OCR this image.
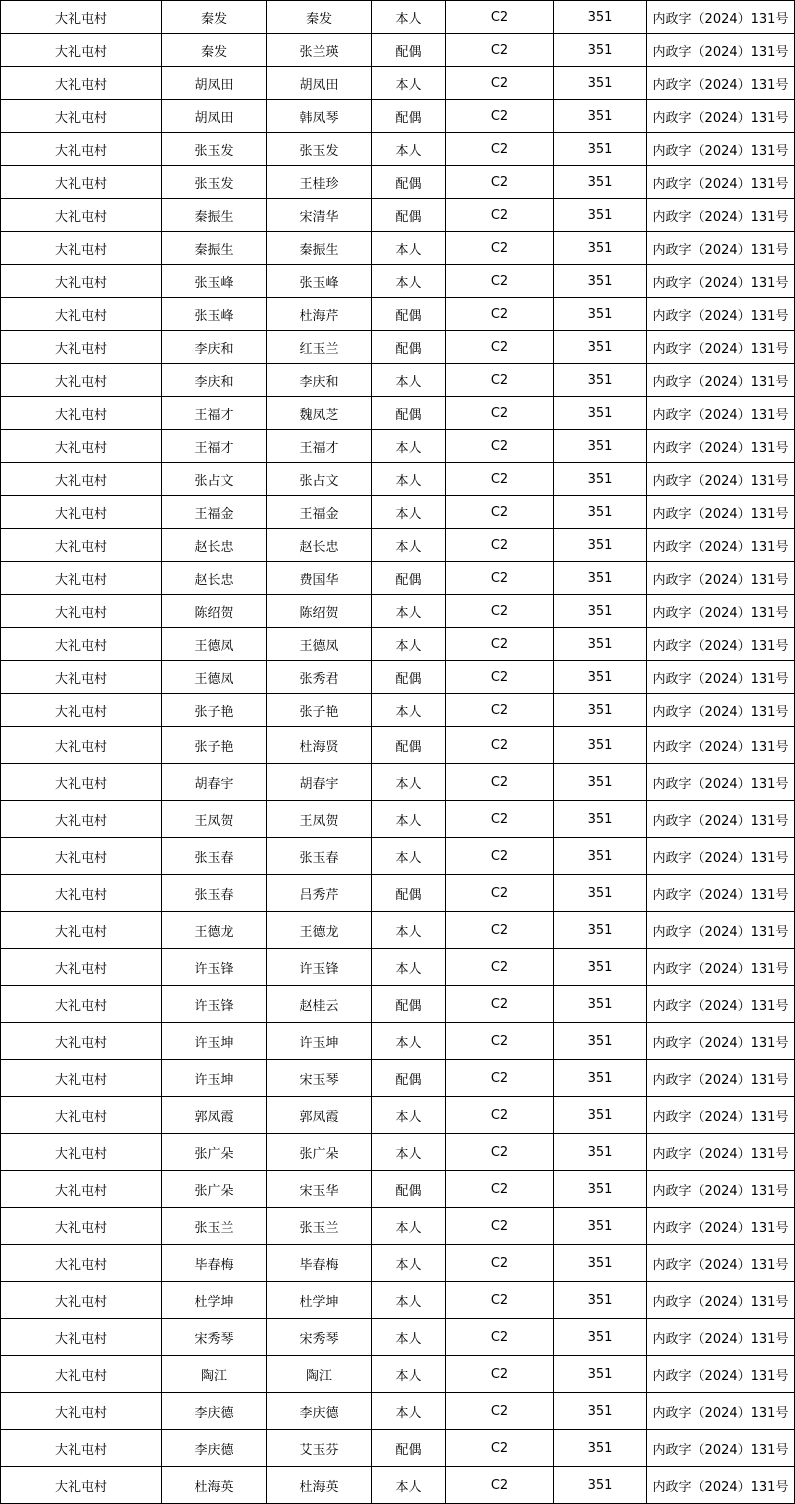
大礼屯村	秦发	秦发	本人	C2	351	内政字（2024）131号
大礼屯村	秦发	张兰瑛	配偶	C2	351	内政字（2024）131号
大礼屯村	胡凤田	胡凤田	本人	C2	351	内政字（2024）131号
大礼屯村	胡凤田	韩凤琴	配偶	C2	351	内政字（2024）131号
大礼屯村	张玉发	张玉发	本人	C2	351	内政字（2024）131号
大礼屯村	张玉发	王桂珍	配偶	C2	351	内政字（2024）131号
大礼屯村	秦振生	宋清华	配偶	C2	351	内政字（2024）131号
大礼屯村	秦振生	秦振生	本人	C2	351	内政字（2024）131号
大礼屯村	张玉峰	张玉峰	本人	C2	351	内政字（2024）131号
大礼屯村	张玉峰	杜海芹	配偶	C2	351	内政字（2024）131号
大礼屯村	李庆和	红玉兰	配偶	C2	351	内政字（2024）131号
大礼屯村	李庆和	李庆和	本人	C2	351	内政字（2024）131号
大礼屯村	王福才	魏凤芝	配偶	C2	351	内政字（2024）131号
大礼屯村	王福才	王福才	本人	C2	351	内政字（2024）131号
大礼屯村	张占文	张占文	本人	C2	351	内政字（2024）131号
大礼屯村	王福金	王福金	本人	C2	351	内政字（2024）131号
大礼屯村	赵长忠	赵长忠	本人	C2	351	内政字（2024）131号
大礼屯村	赵长忠	费国华	配偶	C2	351	内政字（2024）131号
大礼屯村	陈绍贺	陈绍贺	本人	C2	351	内政字（2024）131号
大礼屯村	王德凤	王德凤	本人	C2	351	内政字（2024）131号
大礼屯村	王德凤	张秀君	配偶	C2	351	内政字（2024）131号
大礼屯村	张子艳	张子艳	本人	C2	351	内政字（2024）131号
大礼屯村	张子艳	杜海贤	配偶	C2	351	内政字（2024）131号
大礼屯村	胡春宇	胡春宇	本人	C2	351	内政字（2024）131号
大礼屯村	王凤贺	王凤贺	本人	C2	351	内政字（2024）131号
大礼屯村	张玉春	张玉春	本人	C2	351	内政字（2024）131号
大礼屯村	张玉春	吕秀芹	配偶	C2	351	内政字（2024）131号
大礼屯村	王德龙	王德龙	本人	C2	351	内政字（2024）131号
大礼屯村	许玉锋	许玉锋	本人	C2	351	内政字（2024）131号
大礼屯村	许玉锋	赵桂云	配偶	C2	351	内政字（2024）131号
大礼屯村	许玉坤	许玉坤	本人	C2	351	内政字（2024）131号
大礼屯村	许玉坤	宋玉琴	配偶	C2	351	内政字（2024）131号
大礼屯村	郭凤霞	郭凤霞	本人	C2	351	内政字（2024）131号
大礼屯村	张广朵	张广朵	本人	C2	351	内政字（2024）131号
大礼屯村	张广朵	宋玉华	配偶	C2	351	内政字（2024）131号
大礼屯村	张玉兰	张玉兰	本人	C2	351	内政字（2024）131号
大礼屯村	毕春梅	毕春梅	本人	C2	351	内政字（2024）131号
大礼屯村	杜学坤	杜学坤	本人	C2	351	内政字（2024）131号
大礼屯村	宋秀琴	宋秀琴	本人	C2	351	内政字（2024）131号
大礼屯村	陶江	陶江	本人	C2	351	内政字（2024）131号
大礼屯村	李庆德	李庆德	本人	C2	351	内政字（2024）131号
大礼屯村	李庆德	艾玉芬	配偶	C2	351	内政字（2024）131号
大礼屯村	杜海英	杜海英	本人	C2	351	内政字（2024）131号
